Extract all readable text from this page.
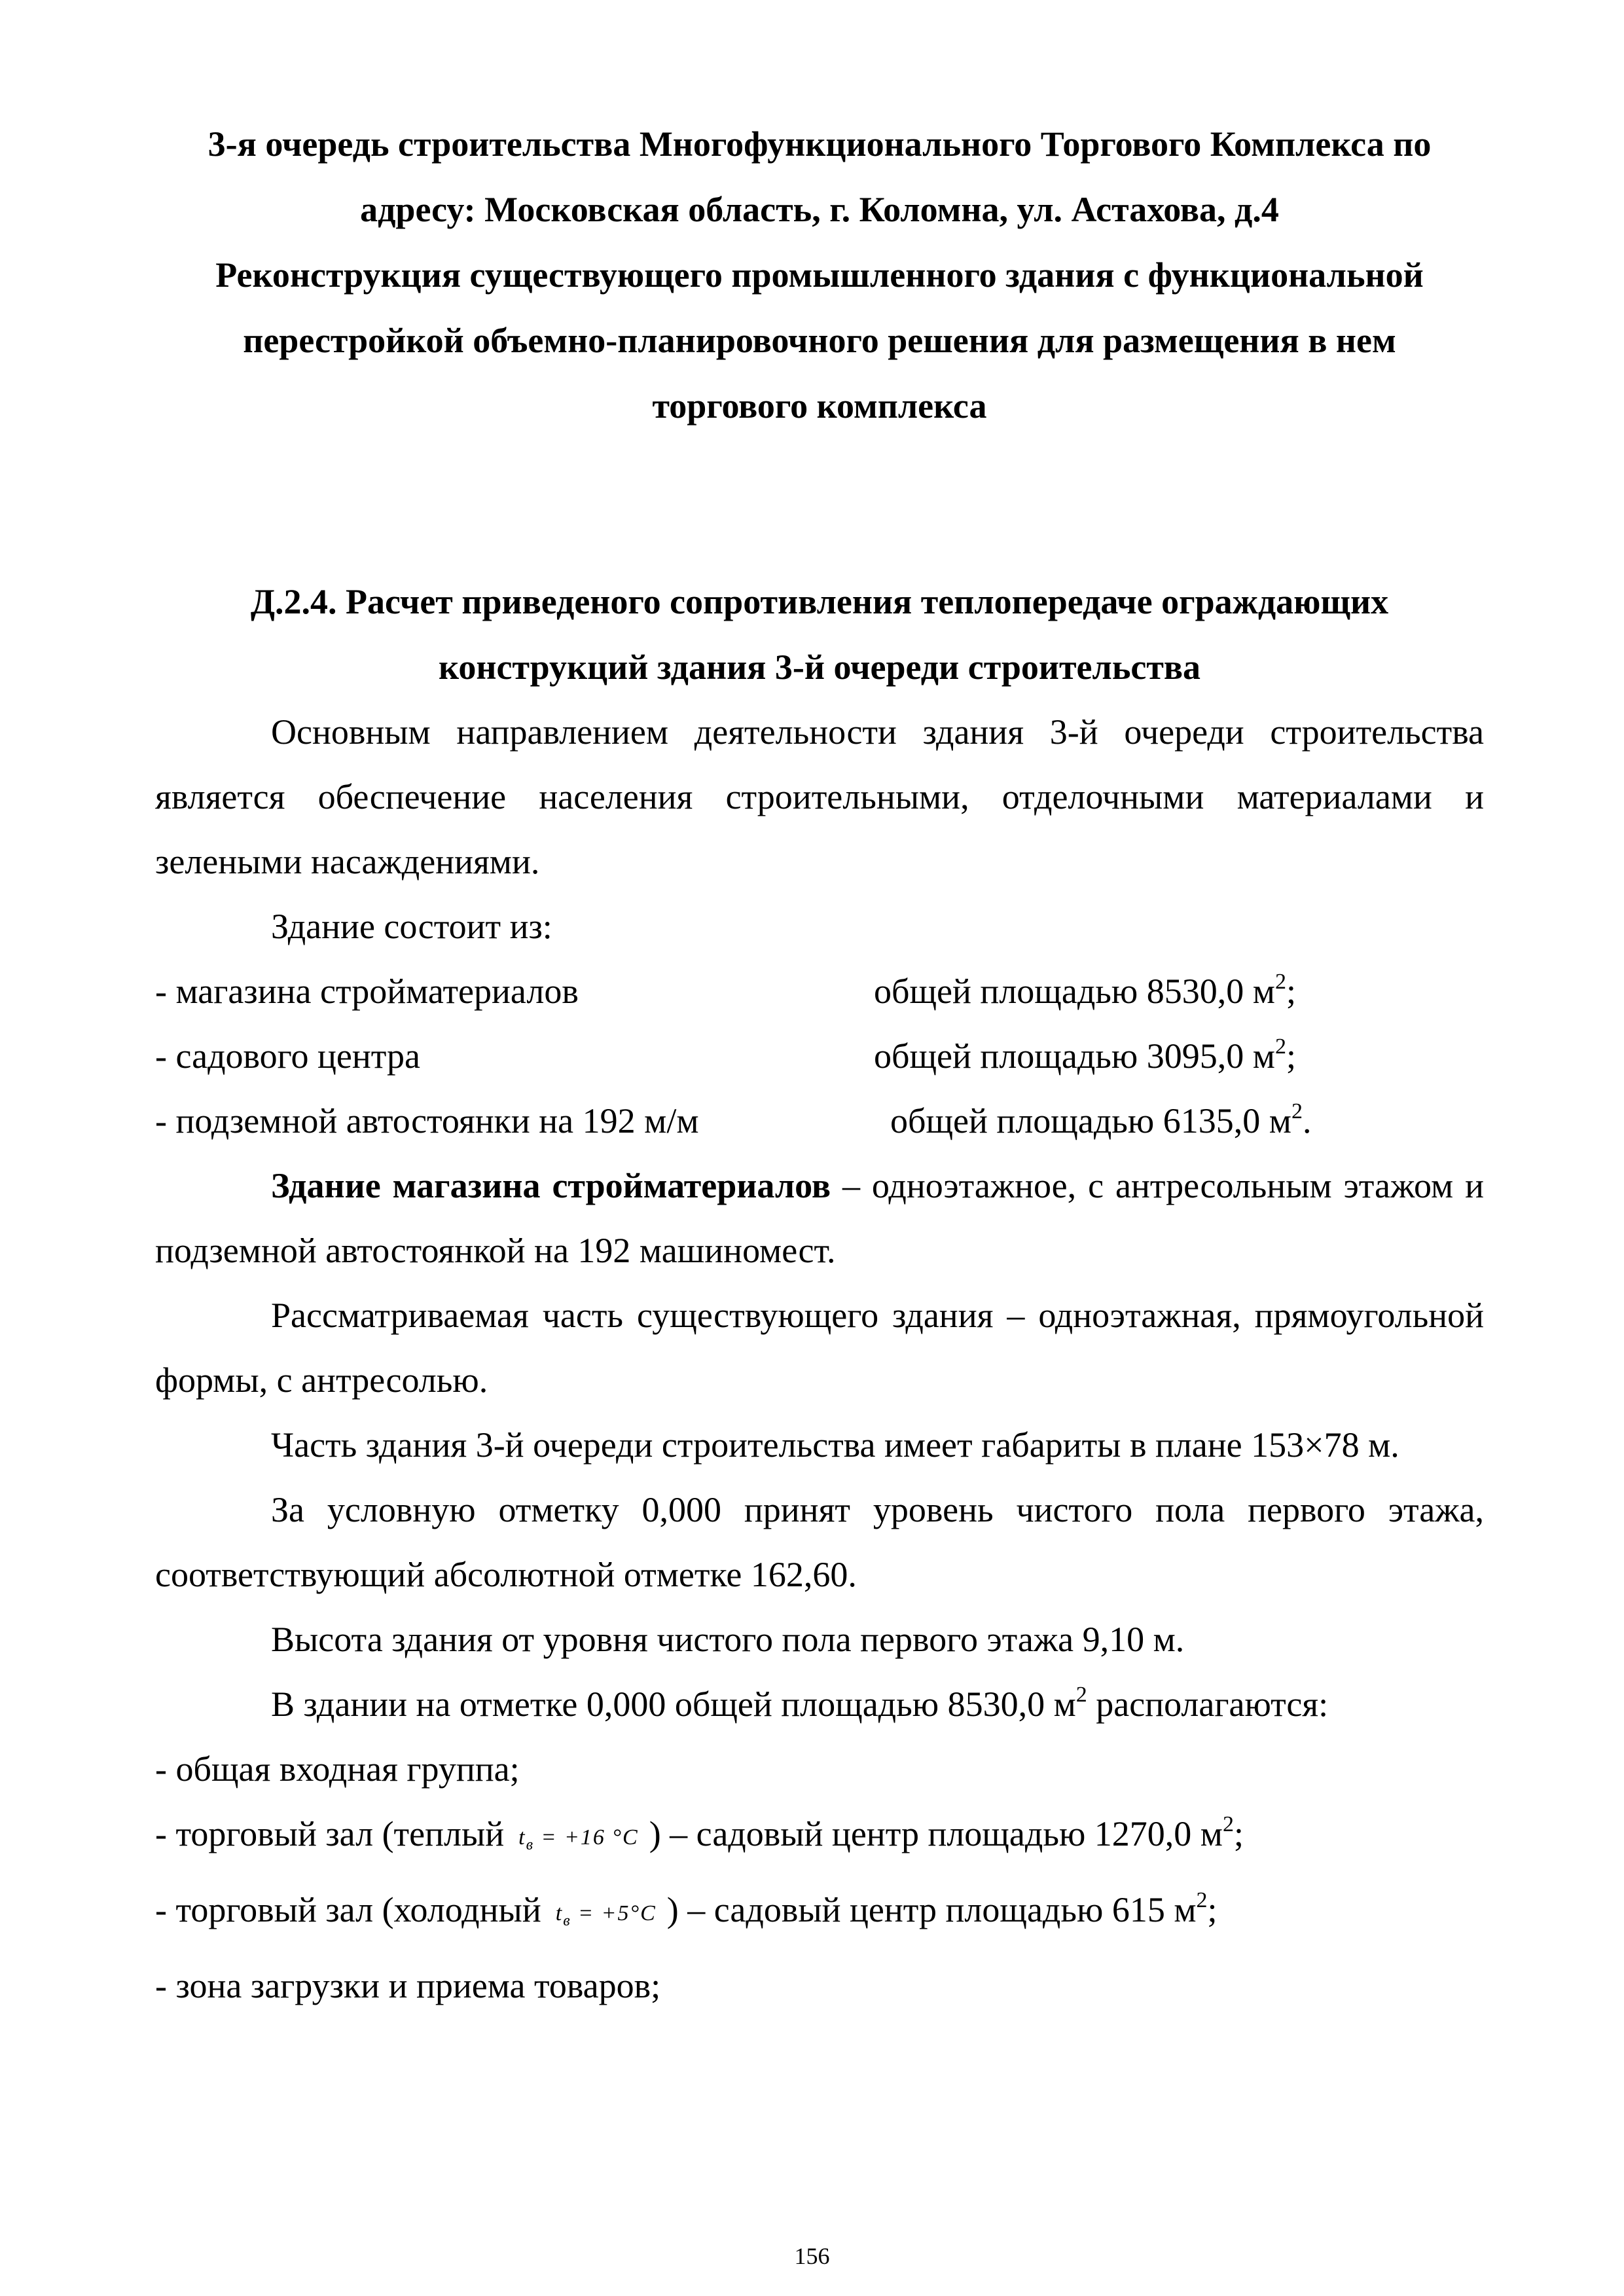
3-я очередь строительства Многофункционального Торгового Комплекса по

адресу: Московская область, г. Коломна, ул. Астахова, д.4

Реконструкция существующего промышленного здания с функциональной

перестройкой объемно-планировочного решения для размещения в нем

торгового комплекса

Д.2.4. Расчет приведеного сопротивления теплопередаче ограждающих

конструкций здания 3-й очереди строительства

Основным направлением деятельности здания 3-й очереди строительства является обеспечение населения строительными, отделочными материалами и зелеными насаждениями.

Здание состоит из:

- магазина стройматериалов	общей площадью 8530,0 $м^2$;
- садового центра	общей площадью 3095,0 $м^2$;
- подземной автостоянки на 192 м/м	общей площадью 6135,0 $м^2$.

Здание магазина стройматериалов – одноэтажное, с антресольным этажом и подземной автостоянкой на 192 машиномест.

Рассматриваемая часть существующего здания – одноэтажная, прямоугольной формы, с антресолью.

Часть здания 3-й очереди строительства имеет габариты в плане 153×78 м.

За условную отметку 0,000 принят уровень чистого пола первого этажа, соответствующий абсолютной отметке 162,60.

Высота здания от уровня чистого пола первого этажа 9,10 м.

В здании на отметке 0,000 общей площадью 8530,0 $м^2$ располагаются:

- общая входная группа;

- торговый зал (теплый $t_в = +16$ °C ) – садовый центр площадью 1270,0 $м^2$;

- торговый зал (холодный $t_в = +5^\circ C$ ) – садовый центр площадью 615 $м^2$;

- зона загрузки и приема товаров;

156
